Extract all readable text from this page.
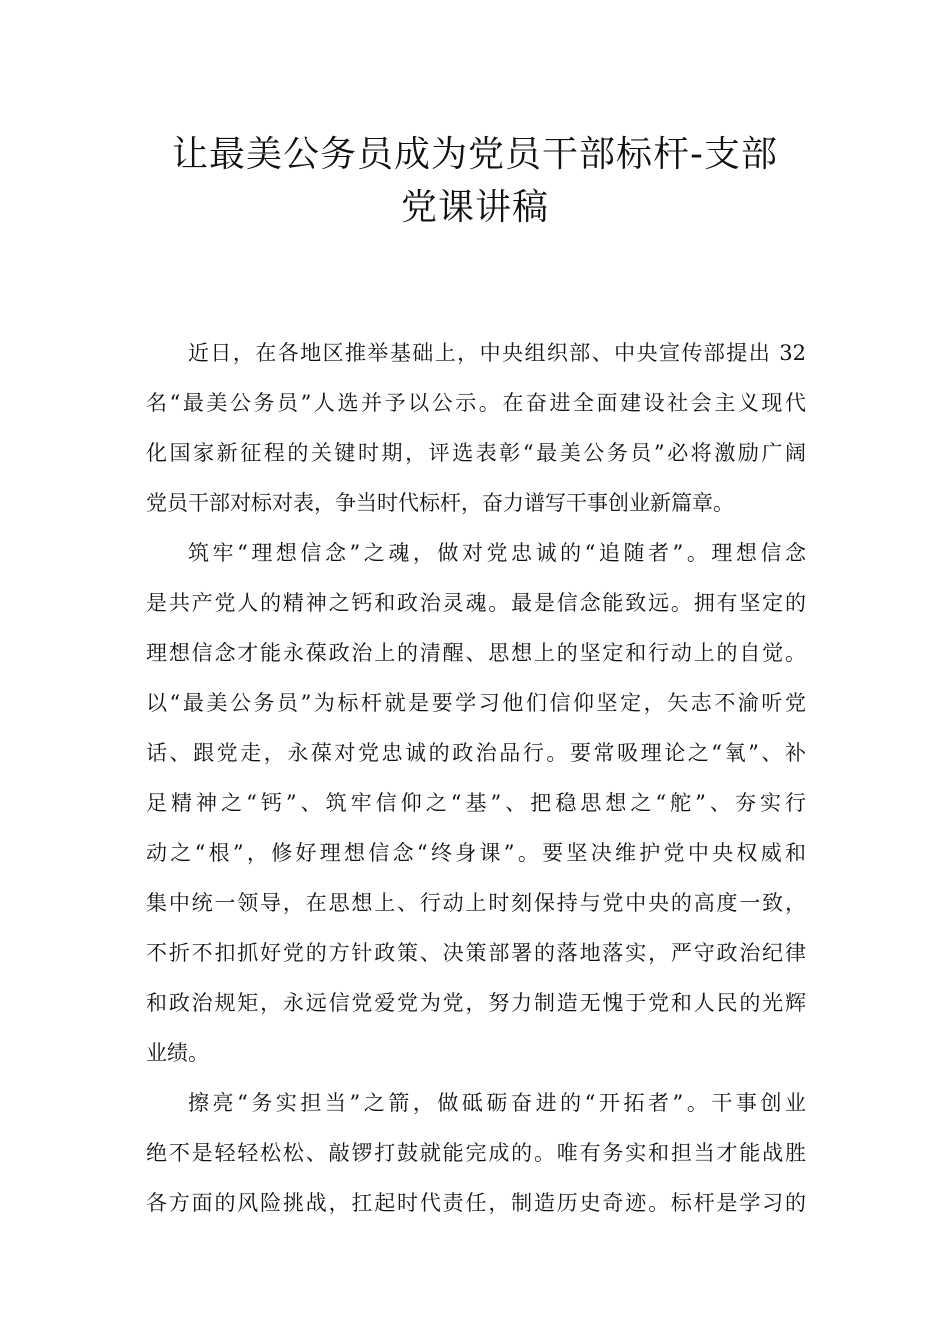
让最美公务员成为党员干部标杆-支部
党课讲稿
近日，在各地区推举基础上，中央组织部、中央宣传部提出 32
名“最美公务员”人选并予以公示。在奋进全面建设社会主义现代
化国家新征程的关键时期，评选表彰“最美公务员”必将激励广阔
党员干部对标对表，争当时代标杆，奋力谱写干事创业新篇章。
筑牢“理想信念”之魂，做对党忠诚的“追随者”。理想信念
是共产党人的精神之钙和政治灵魂。最是信念能致远。拥有坚定的
理想信念才能永葆政治上的清醒、思想上的坚定和行动上的自觉。
以“最美公务员”为标杆就是要学习他们信仰坚定，矢志不渝听党
话、跟党走，永葆对党忠诚的政治品行。要常吸理论之“氧”、补
足精神之“钙”、筑牢信仰之“基”、把稳思想之“舵”、夯实行
动之“根”，修好理想信念“终身课”。要坚决维护党中央权威和
集中统一领导，在思想上、行动上时刻保持与党中央的高度一致，
不折不扣抓好党的方针政策、决策部署的落地落实，严守政治纪律
和政治规矩，永远信党爱党为党，努力制造无愧于党和人民的光辉
业绩。
擦亮“务实担当”之箭，做砥砺奋进的“开拓者”。干事创业
绝不是轻轻松松、敲锣打鼓就能完成的。唯有务实和担当才能战胜
各方面的风险挑战，扛起时代责任，制造历史奇迹。标杆是学习的
